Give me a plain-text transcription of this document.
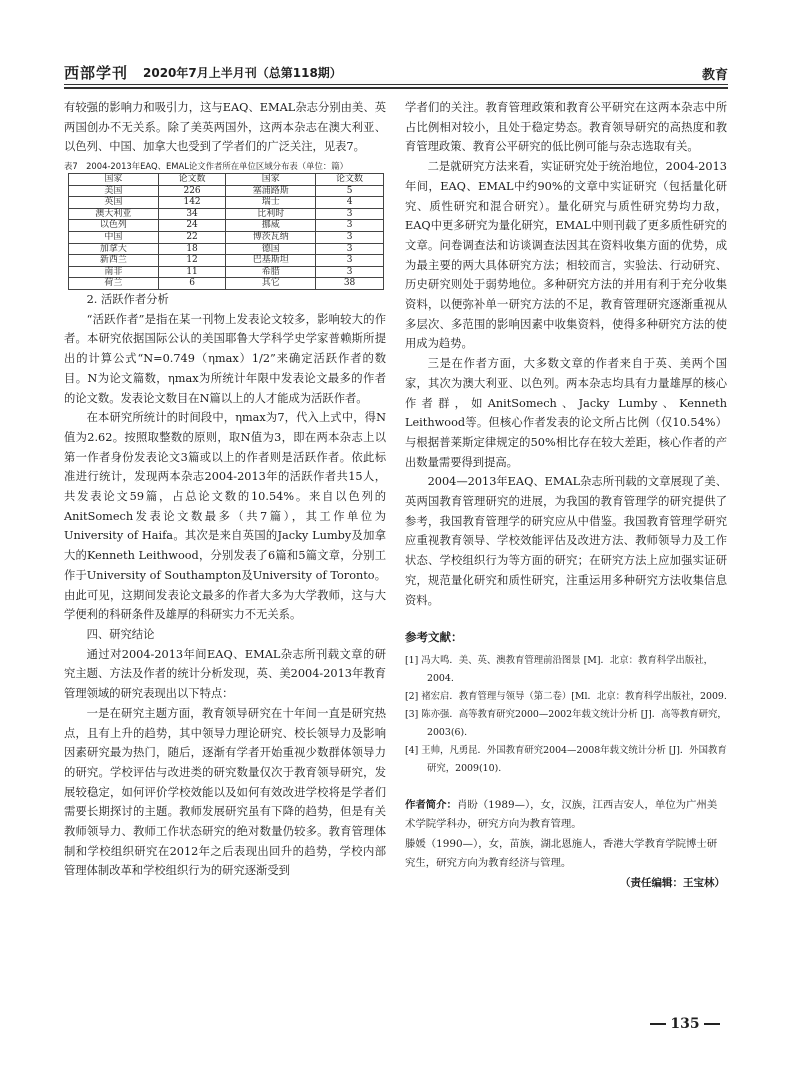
西部学刊 2020年7月上半月刊（总第118期）	教育

有较强的影响力和吸引力，这与EAQ、EMAL杂志分别由美、英两国创办不无关系。除了美英两国外，这两本杂志在澳大利亚、以色列、中国、加拿大也受到了学者们的广泛关注，见表7。

表7　2004-2013年EAQ、EMAL论文作者所在单位区域分布表（单位：篇）
国家	论文数	国家	论文数
美国	226	塞浦路斯	5
英国	142	瑞士	4
澳大利亚	34	比利时	3
以色列	24	挪威	3
中国	22	博茨瓦纳	3
加拿大	18	德国	3
新西兰	12	巴基斯坦	3
南非	11	希腊	3
荷兰	6	其它	38

2. 活跃作者分析

“活跃作者”是指在某一刊物上发表论文较多，影响较大的作者。本研究依据国际公认的美国耶鲁大学科学史学家普赖斯所提出的计算公式“N=0.749（ηmax）1/2”来确定活跃作者的数目。N为论文篇数，ηmax为所统计年限中发表论文最多的作者的论文数。发表论文数目在N篇以上的人才能成为活跃作者。

在本研究所统计的时间段中，ηmax为7，代入上式中，得N值为2.62。按照取整数的原则，取N值为3，即在两本杂志上以第一作者身份发表论文3篇或以上的作者则是活跃作者。依此标准进行统计，发现两本杂志2004-2013年的活跃作者共15人，共发表论文59篇，占总论文数的10.54%。来自以色列的AnitSomech发表论文数最多（共7篇），其工作单位为University of Haifa。其次是来自英国的Jacky Lumby及加拿大的Kenneth Leithwood，分别发表了6篇和5篇文章，分别工作于University of Southampton及University of Toronto。由此可见，这期间发表论文最多的作者大多为大学教师，这与大学便利的科研条件及雄厚的科研实力不无关系。

四、研究结论

通过对2004-2013年间EAQ、EMAL杂志所刊载文章的研究主题、方法及作者的统计分析发现，英、美2004-2013年教育管理领域的研究表现出以下特点：

一是在研究主题方面，教育领导研究在十年间一直是研究热点，且有上升的趋势，其中领导力理论研究、校长领导力及影响因素研究最为热门，随后，逐渐有学者开始重视少数群体领导力的研究。学校评估与改进类的研究数量仅次于教育领导研究，发展较稳定，如何评价学校效能以及如何有效改进学校将是学者们需要长期探讨的主题。教师发展研究虽有下降的趋势，但是有关教师领导力、教师工作状态研究的绝对数量仍较多。教育管理体制和学校组织研究在2012年之后表现出回升的趋势，学校内部管理体制改革和学校组织行为的研究逐渐受到

学者们的关注。教育管理政策和教育公平研究在这两本杂志中所占比例相对较小，且处于稳定势态。教育领导研究的高热度和教育管理政策、教育公平研究的低比例可能与杂志选取有关。

二是就研究方法来看，实证研究处于统治地位，2004-2013年间，EAQ、EMAL中约90%的文章中实证研究（包括量化研究、质性研究和混合研究）。量化研究与质性研究势均力敌，EAQ中更多研究为量化研究，EMAL中则刊载了更多质性研究的文章。问卷调查法和访谈调查法因其在资料收集方面的优势，成为最主要的两大具体研究方法；相较而言，实验法、行动研究、历史研究则处于弱势地位。多种研究方法的并用有利于充分收集资料，以便弥补单一研究方法的不足，教育管理研究逐渐重视从多层次、多范围的影响因素中收集资料，使得多种研究方法的使用成为趋势。

三是在作者方面，大多数文章的作者来自于英、美两个国家，其次为澳大利亚、以色列。两本杂志均具有力量雄厚的核心作者群，如AnitSomech、Jacky Lumby、Kenneth Leithwood等。但核心作者发表的论文所占比例（仅10.54%）与根据普莱斯定律规定的50%相比存在较大差距，核心作者的产出数量需要得到提高。

2004—2013年EAQ、EMAL杂志所刊载的文章展现了美、英两国教育管理研究的进展，为我国的教育管理学的研究提供了参考，我国教育管理学的研究应从中借鉴。我国教育管理学研究应重视教育领导、学校效能评估及改进方法、教师领导力及工作状态、学校组织行为等方面的研究；在研究方法上应加强实证研究，规范量化研究和质性研究，注重运用多种研究方法收集信息资料。

参考文献：

[1] 冯大鸣．美、英、澳教育管理前沿图景 [M]．北京：教育科学出版社，2004.

[2] 褚宏启．教育管理与领导（第二卷）[Ml．北京：教育科学出版社，2009.

[3] 陈亦强．高等教育研究2000—2002年载文统计分析 [J]．高等教育研究，2003(6).

[4] 王帅，凡勇昆．外国教育研究2004—2008年载文统计分析 [J]．外国教育研究，2009(10).

作者简介：肖盼（1989—），女，汉族，江西吉安人，单位为广州美术学院学科办，研究方向为教育管理。

滕媛（1990—），女，苗族，湖北恩施人，香港大学教育学院博士研究生，研究方向为教育经济与管理。

（责任编辑：王宝林）

135
